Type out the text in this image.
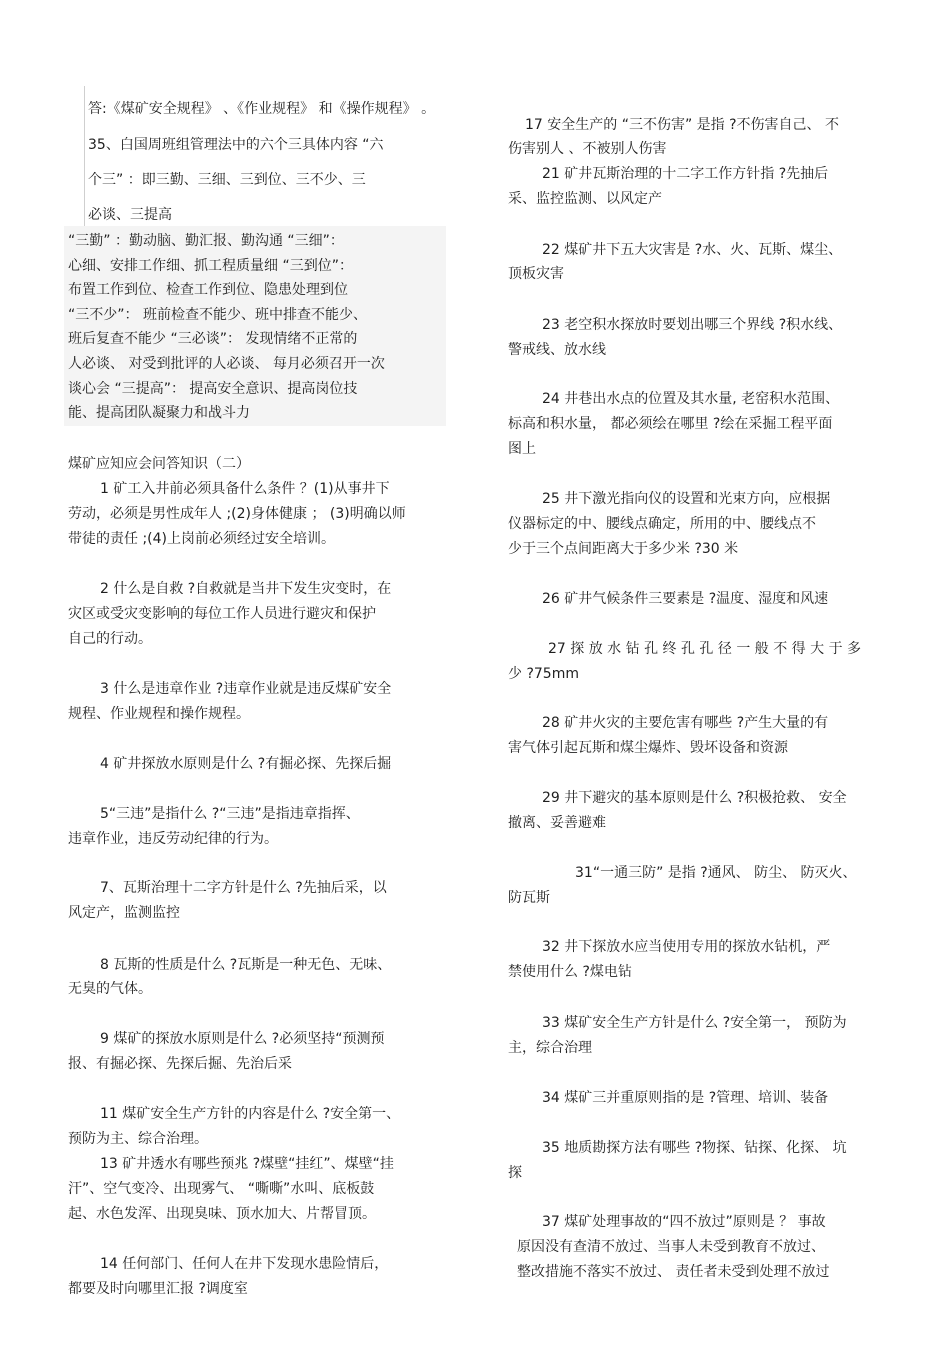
答:《煤矿安全规程》 、《作业规程》 和《操作规程》 。
35、白国周班组管理法中的六个三具体内容 “六
个三” ：即三勤、三细、三到位、三不少、三
必谈、三提高
“三勤” ：勤动脑、勤汇报、勤沟通 “三细”：
心细、安排工作细、抓工程质量细 “三到位”：
布置工作到位、检查工作到位、隐患处理到位
“三不少”： 班前检查不能少、班中排查不能少、
班后复查不能少 “三必谈”： 发现情绪不正常的
人必谈、 对受到批评的人必谈、 每月必须召开一次
谈心会 “三提高”： 提高安全意识、提高岗位技
能、提高团队凝聚力和战斗力
煤矿应知应会问答知识（二）
1 矿工入井前必须具备什么条件 ？(1)从事井下
劳动，必须是男性成年人 ;(2)身体健康 ； (3)明确以师
带徒的责任 ;(4)上岗前必须经过安全培训。
2 什么是自救 ?自救就是当井下发生灾变时，在
灾区或受灾变影响的每位工作人员进行避灾和保护
自己的行动。
3 什么是违章作业 ?违章作业就是违反煤矿安全
规程、作业规程和操作规程。
4 矿井探放水原则是什么 ?有掘必探、先探后掘
5“三违”是指什么 ?“三违”是指违章指挥、
违章作业，违反劳动纪律的行为。
7、瓦斯治理十二字方针是什么 ?先抽后采，以
风定产，监测监控
8 瓦斯的性质是什么 ?瓦斯是一种无色、无味、
无臭的气体。
9 煤矿的探放水原则是什么 ?必须坚持“预测预
报、有掘必探、先探后掘、先治后采
11 煤矿安全生产方针的内容是什么 ?安全第一、
预防为主、综合治理。
13 矿井透水有哪些预兆 ?煤壁“挂红”、煤壁“挂
汗”、空气变冷、出现雾气、 “嘶嘶”水叫、底板鼓
起、水色发浑、出现臭味、顶水加大、片帮冒顶。
14 任何部门、任何人在井下发现水患险情后，
都要及时向哪里汇报 ?调度室
17 安全生产的 “三不伤害” 是指 ?不伤害自己、 不
伤害别人 、不被别人伤害
21 矿井瓦斯治理的十二字工作方针指 ?先抽后
采、监控监测、以风定产
22 煤矿井下五大灾害是 ?水、火、瓦斯、煤尘、
顶板灾害
23 老空积水探放时要划出哪三个界线 ?积水线、
警戒线、放水线
24 井巷出水点的位置及其水量, 老窑积水范围、
标高和积水量， 都必须绘在哪里 ?绘在采掘工程平面
图上
25 井下激光指向仪的设置和光束方向，应根据
仪器标定的中、腰线点确定，所用的中、腰线点不
少于三个点间距离大于多少米 ?30 米
26 矿井气候条件三要素是 ?温度、湿度和风速
27 探 放 水 钻 孔 终 孔 孔 径 一 般 不 得 大 于 多
少 ?75mm
28 矿井火灾的主要危害有哪些 ?产生大量的有
害气体引起瓦斯和煤尘爆炸、毁坏设备和资源
29 井下避灾的基本原则是什么 ?积极抢救、 安全
撤离、妥善避难
31“一通三防” 是指 ?通风、 防尘、 防灭火、
防瓦斯
32 井下探放水应当使用专用的探放水钻机，严
禁使用什么 ?煤电钻
33 煤矿安全生产方针是什么 ?安全第一， 预防为
主，综合治理
34 煤矿三并重原则指的是 ?管理、培训、装备
35 地质勘探方法有哪些 ?物探、钻探、化探、 坑
探
37 煤矿处理事故的“四不放过”原则是 ？ 事故
原因没有查清不放过、当事人未受到教育不放过、
整改措施不落实不放过、 责任者未受到处理不放过
